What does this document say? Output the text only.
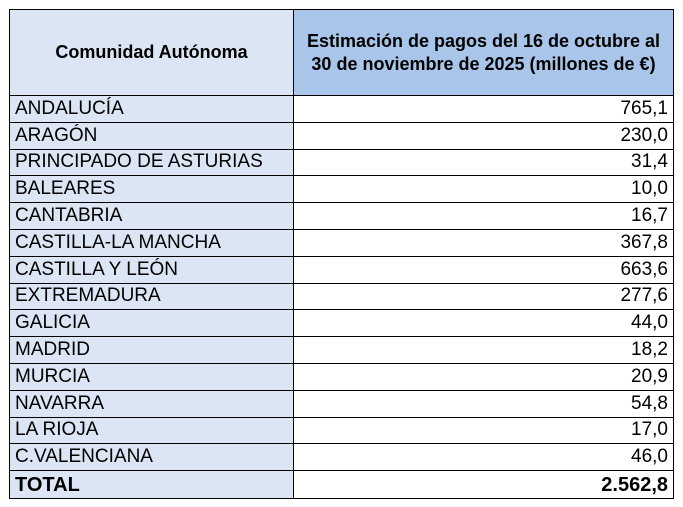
Comunidad Autónoma	Estimación de pagos del 16 de octubre al 30 de noviembre de 2025 (millones de €)
ANDALUCÍA	765,1
ARAGÓN	230,0
PRINCIPADO DE ASTURIAS	31,4
BALEARES	10,0
CANTABRIA	16,7
CASTILLA-LA MANCHA	367,8
CASTILLA Y LEÓN	663,6
EXTREMADURA	277,6
GALICIA	44,0
MADRID	18,2
MURCIA	20,9
NAVARRA	54,8
LA RIOJA	17,0
C.VALENCIANA	46,0
TOTAL	2.562,8
